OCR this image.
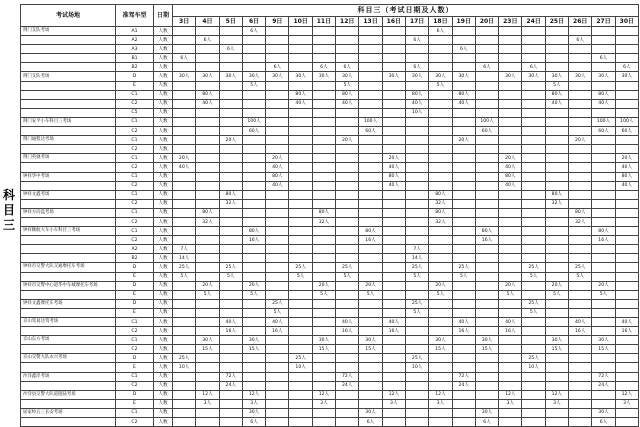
科
目
三
考试场地	准驾车型	日期	科目三（考试日期及人数）																			
			3日	4日	5日	6日	9日	10日	11日	12日	13日	16日	17日	18日	19日	20日	23日	24日	25日	26日	27日	30日
荆门支队考场	A1	人数				6人								6人								
	A2	人数		6人									6人							6人		
	A3	人数			6人										6人							
	B1	人数	6人																		6人	
	B2	人数					6人		6人	6人			6人			6人		6人				6人
荆门支队考场	D	人数	30人	30人	30人	30人	30人	30人	30人	30人		30人	30人	30人	30人		30人	30人	30人	30人	30人	30人
	E	人数				5人				5人				5人					5人			
	C1	人数		80人				80人		80人			80人		80人				80人		80人	
	C2	人数		40人				40人		40人			40人		40人				40人		40人	
	C5	人数											10人									
荆门安平小车科目三考场	C1	人数				100人					100人					100人					100人	100人
	C2	人数				60人					60人					60人					60人	60人
荆门通程达考场	C1	人数			20人					20人					20人					20人		
	C2	人数																				
荆门英驰考场	C1	人数	20人				20人					20人					20人					20人
	C2	人数	40人				40人					40人					40人					40人
钟祥华中考场	C1	人数					80人					80人					80人					80人
	C2	人数					40人					40人					40人					40人
钟祥文鑫考场	C1	人数			80人									80人					80人			
	C2	人数			32人									32人					32人			
钟祥方向盘考场	C1	人数		80人					80人					80人						80人		
	C2	人数		32人					32人					32人						32人		
钟祥顺航大车小车科目三考场	C1	人数				80人					80人					80人					80人	
	C2	人数				16人					16人					16人					16人	
	A2	人数	7人										7人									
	B2	人数	14人										14人									
钟祥市交警大队交通摩托车考场	D	人数	25人		25人			25人		25人			25人		25人			25人		25人		
	E	人数	5人		5人			5人		5人			5人		5人			5人		5人		
钟祥市交警中心道华中车城摩托车考场	D	人数		20人		20人			20人		20人			20人			20人		20人		20人	
	E	人数		5人		5人			5人		5人			5人			5人		5人		5人	
钟祥文鑫摩托车考场	D	人数					25人						25人					25人				
	E	人数					5人						5人					5人				
京山驾易达驾考场	C1	人数			40人		40人			40人		40人			40人		40人			40人		40人
	C2	人数			16人		16人			16人		16人			16人		16人			16人		16人
京山东方考场	C1	人数		30人		30人			30人		30人			30人		30人			30人		30人	
	C2	人数		15人		15人			15人		15人			15人		15人			15人		15人	
京山交警大队永兴考场	D	人数	25人					25人					25人					25人				
	E	人数	10人					10人					10人					10人				
沙洋鑫洋考场	C1	人数			72人					72人					72人						72人	
	C2	人数			24人					24人					24人						24人	
沙洋县交警大队道阻陆考场	D	人数		12人		12人			12人			12人		12人			12人		12人			12人
	E	人数		3人		3人			3人			3人		3人			3人		3人			3人
屈家岭五三长安考场	C1	人数				30人					30人					30人					30人	
	C2	人数				6人					6人					6人					6人	
